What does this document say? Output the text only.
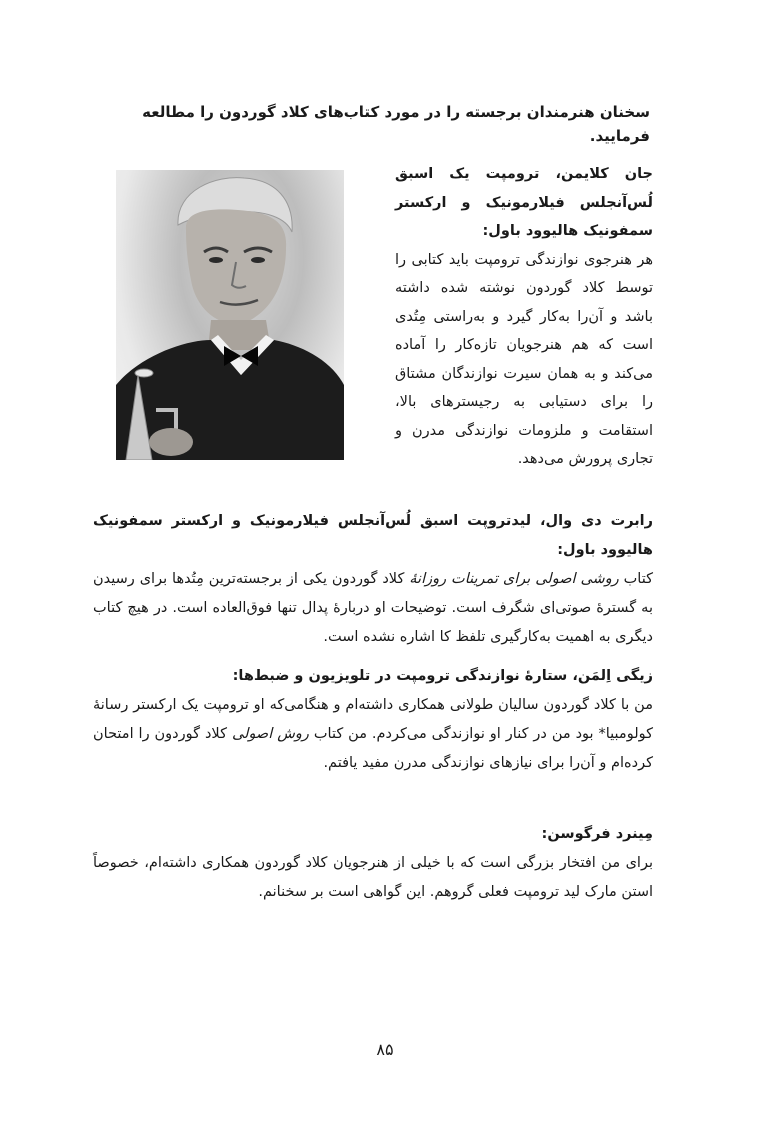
سخنان هنرمندان برجسته را در مورد کتاب‌های کلاد گوردون را مطالعه فرمایید.

جان کلایمن، ترومپت یک اسبق لُس‌آنجلس فیلارمونیک و ارکستر سمفونیک هالیوود باول:
هر هنرجوی نوازندگی ترومپت باید کتابی را توسط کلاد گوردون نوشته شده داشته باشد و آن‌را به‌کار گیرد و به‌راستی مِتُدی است که هم هنرجویان تازه‌کار را آماده می‌کند و به همان سیرت نوازندگان مشتاق را برای دستیابی به رجیسترهای بالا، استقامت و ملزومات نوازندگی مدرن و تجاری پرورش می‌دهد.
رابرت دی وال، لیدتروپت اسبق لُس‌آنجلس فیلارمونیک و ارکستر سمفونیک هالیوود باول:
کتاب روشی اصولی برای تمرینات روزانهٔ کلاد گوردون یکی از برجسته‌ترین مِتُدها برای رسیدن به گسترهٔ صوتی‌ای شگرف است. توضیحات او دربارهٔ پدال تنها فوق‌العاده است. در هیچ کتاب دیگری به اهمیت به‌کارگیری تلفظ کا اشاره نشده است.
زیگی اِلمَن، ستارهٔ نوازندگی ترومپت در تلویزیون و ضبط‌ها:
من با کلاد گوردون سالیان طولانی همکاری داشته‌ام و هنگامی‌که او ترومپت یک ارکستر رسانهٔ کولومبیا* بود من در کنار او نوازندگی می‌کردم. من کتاب روش اصولی کلاد گوردون را امتحان کرده‌ام و آن‌را برای نیازهای نوازندگی مدرن مفید یافتم.
مِینرد فرگوسن:
برای من افتخار بزرگی است که با خیلی از هنرجویان کلاد گوردون همکاری داشته‌ام، خصوصاً استن مارک لید ترومپت فعلی گروهم. این گواهی است بر سخنانم.
۸۵
